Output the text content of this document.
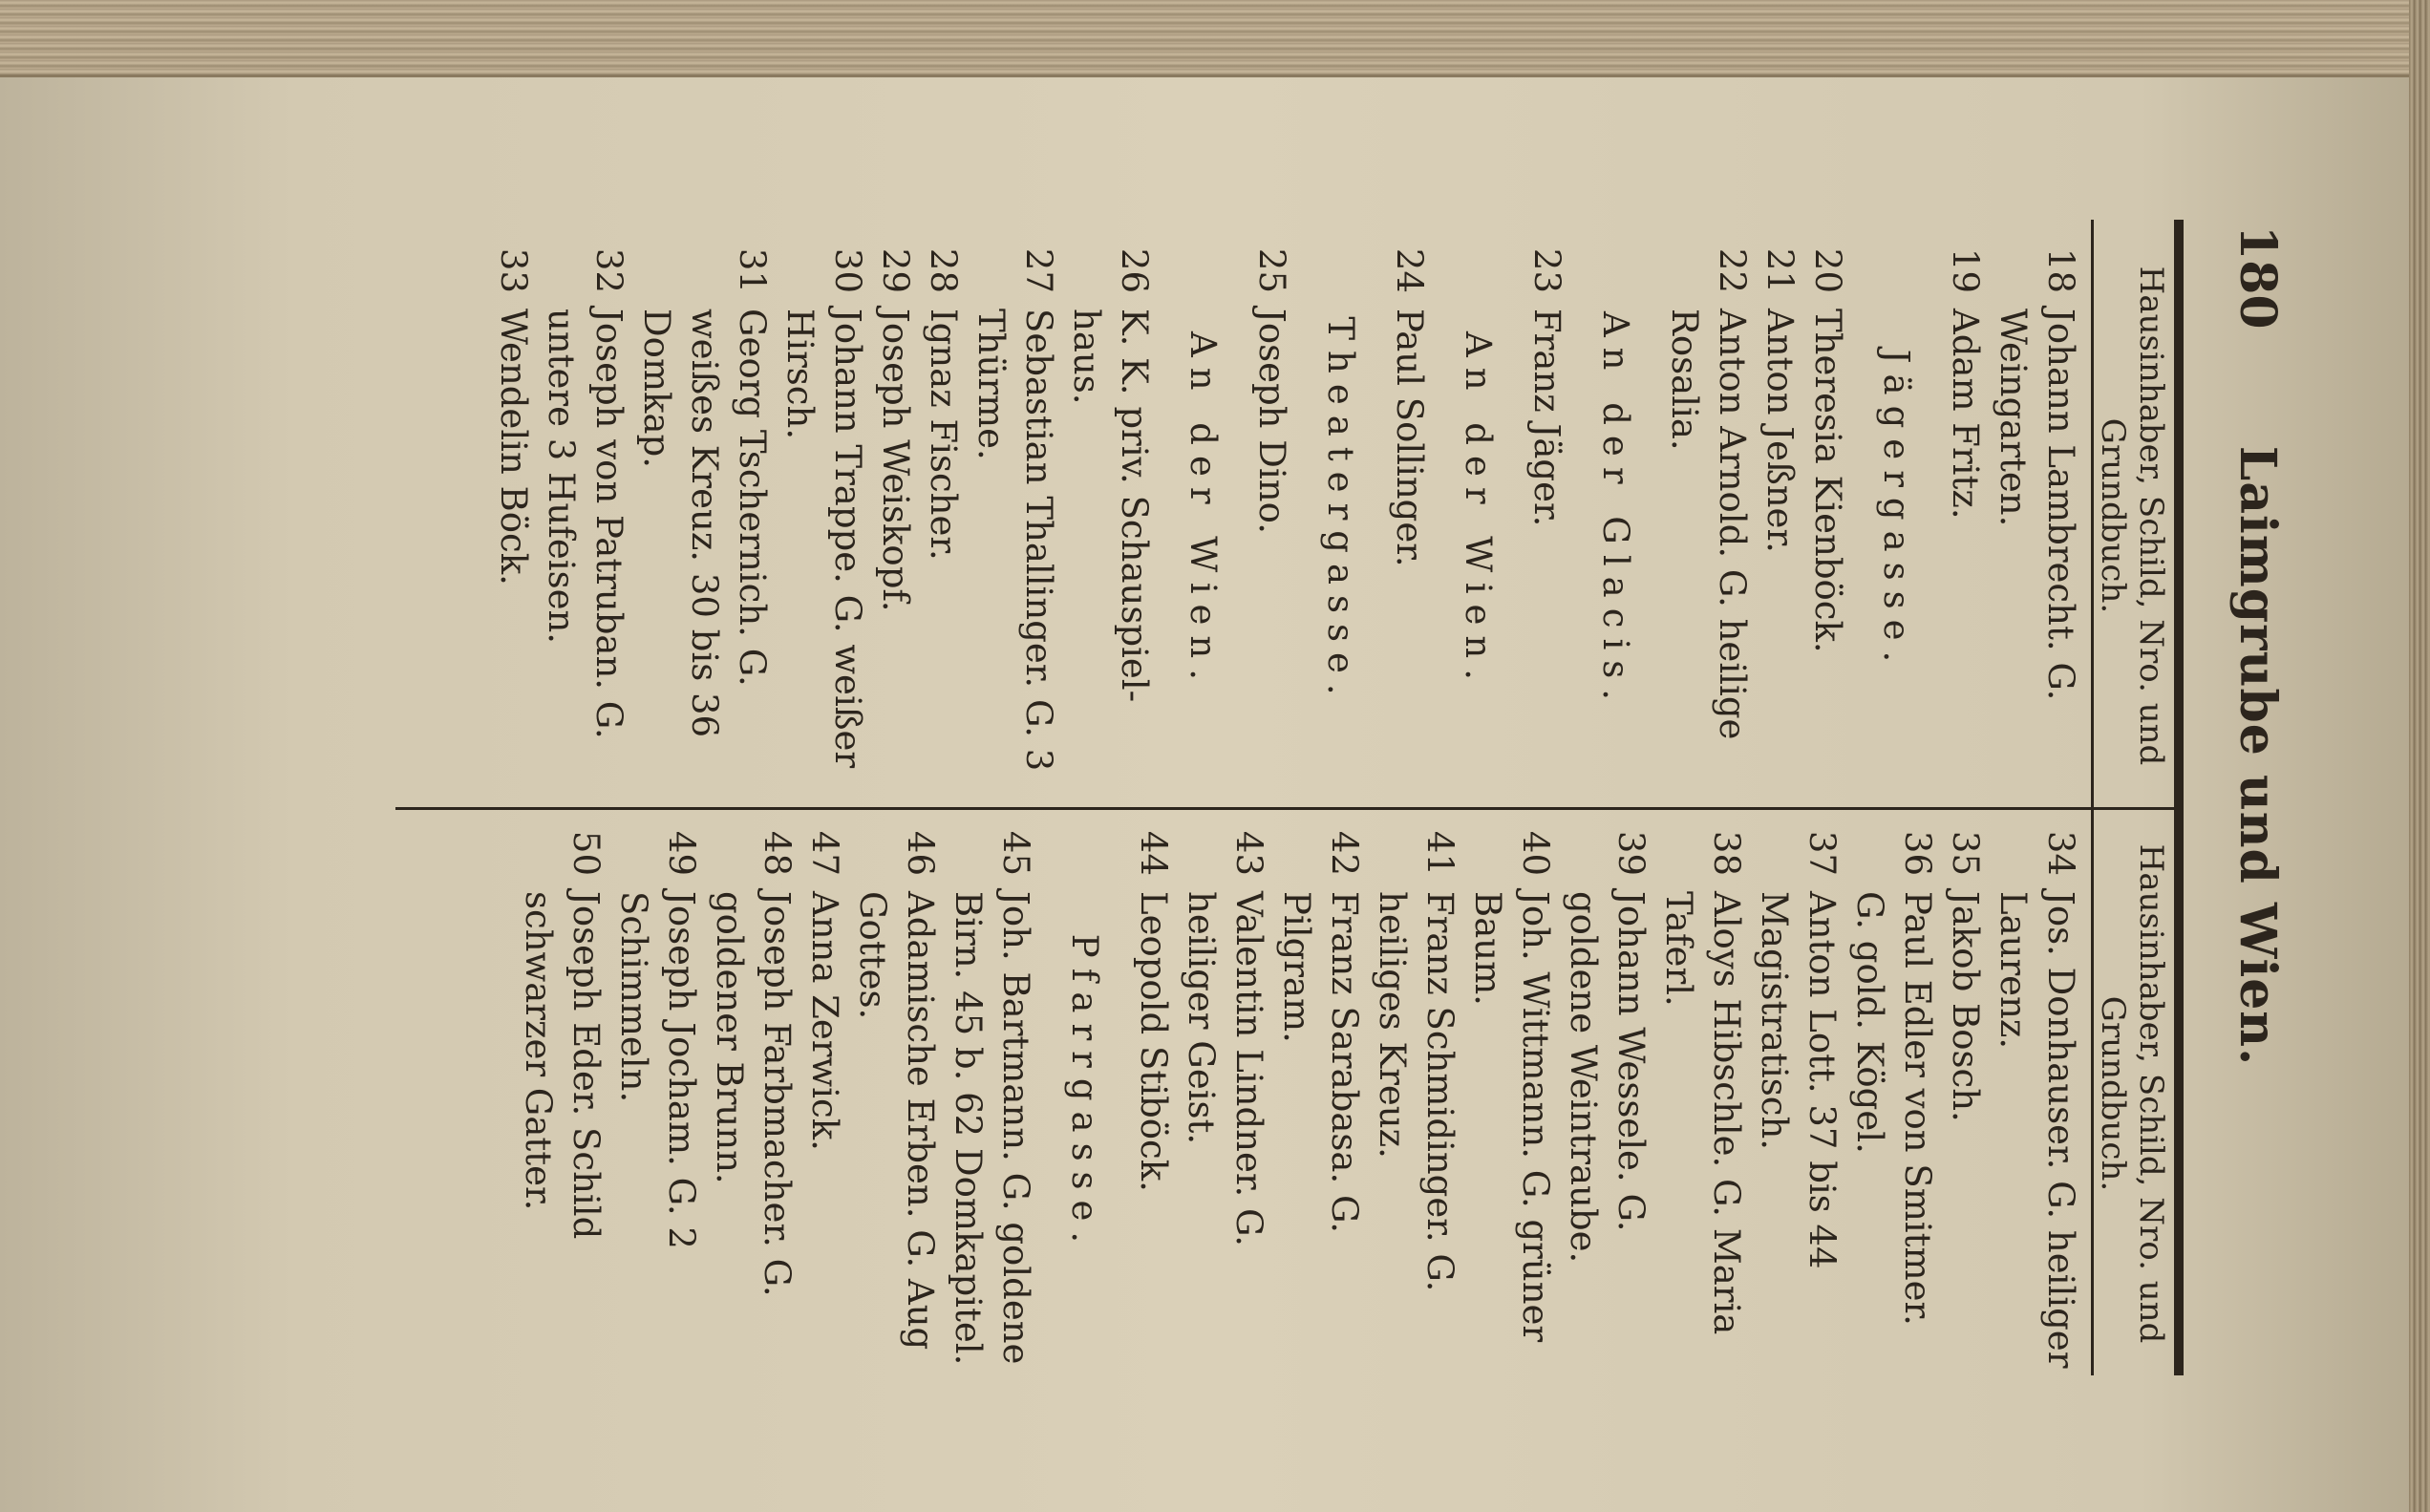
180
Laimgrube und Wien.
Hausinhaber, Schild, Nro. und Grundbuch.
Hausinhaber, Schild, Nro. und Grundbuch.
18
Johann Lambrecht. G. Weingarten.
19
Adam Fritz.
Jägergasse.
20
Theresia Kienböck.
21
Anton Jeßner.
22
Anton Arnold. G. heilige Rosalia.
An der Glacis.
23
Franz Jäger.
An der Wien.
24
Paul Sollinger.
Theatergasse.
25
Joseph Dino.
An der Wien.
26
K. K. priv. Schauspiel-haus.
27
Sebastian Thallinger. G. 3 Thürme.
28
Ignaz Fischer.
29
Joseph Weiskopf.
30
Johann Trappe. G. weißer Hirsch.
31
Georg Tschernich. G. weißes Kreuz. 30 bis 36 Domkap.
32
Joseph von Patruban. G. untere 3 Hufeisen.
33
Wendelin Böck.
34
Jos. Donhauser. G. heiliger Laurenz.
35
Jakob Bosch.
36
Paul Edler von Smitmer. G. gold. Kögel.
37
Anton Lott. 37 bis 44 Magistratisch.
38
Aloys Hibschle. G. Maria Taferl.
39
Johann Wessele. G. goldene Weintraube.
40
Joh. Wittmann. G. grüner Baum.
41
Franz Schmidinger. G. heiliges Kreuz.
42
Franz Sarabasa. G. Pilgram.
43
Valentin Lindner. G. heiliger Geist.
44
Leopold Stiböck.
Pfarrgasse.
45
Joh. Bartmann. G. goldene Birn. 45 b. 62 Domkapitel.
46
Adamische Erben. G. Aug Gottes.
47
Anna Zerwick.
48
Joseph Farbmacher. G. goldener Brunn.
49
Joseph Jocham. G. 2 Schimmeln.
50
Joseph Eder. Schild schwarzer Gatter.
